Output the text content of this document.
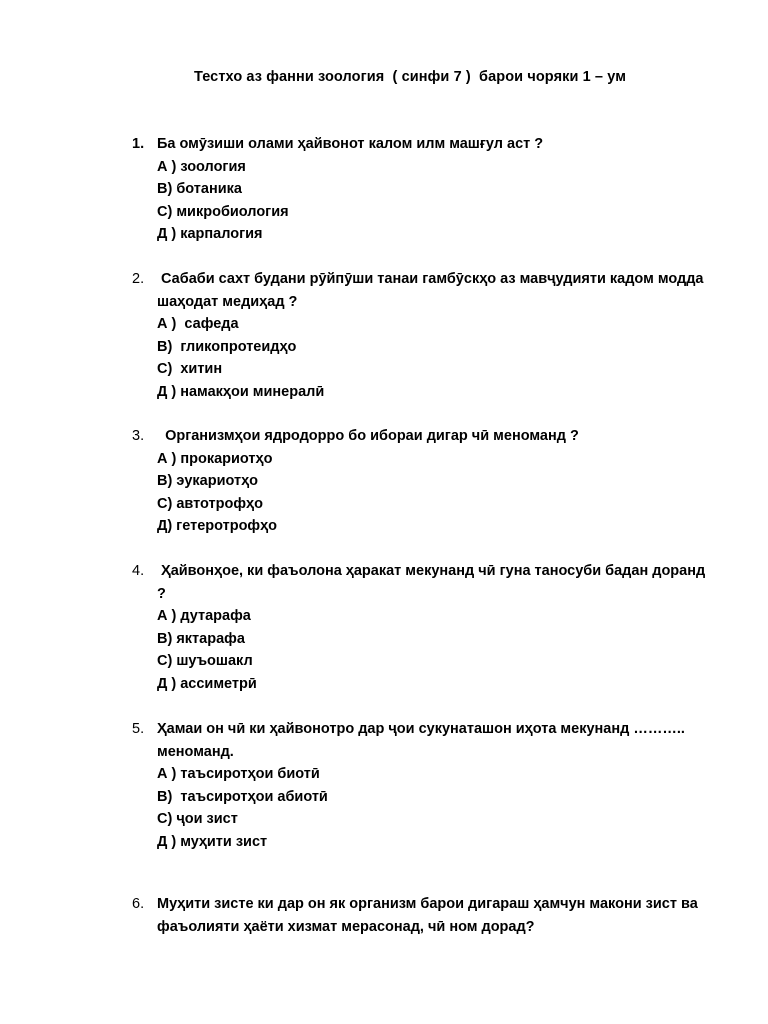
Тестхо аз фанни зоология  ( синфи 7 )  барои чоряки 1 – ум
1. Ба омӯзиши олами ҳайвонот калом илм машғул аст ?
А ) зоология
В) ботаника
С) микробиология
Д ) карпалогия
2. Сабаби сахт будани рӯйпӯши танаи гамбӯскҳо аз мавҷудияти кадом модда шаҳодат медиҳад ?
А )  сафеда
В)  гликопротеидҳо
С)  хитин
Д ) намакҳои минералӣ
3. Организмҳои ядродорро бо ибораи дигар чӣ меноманд ?
А ) прокариотҳо
В) эукариотҳо
С) автотрофҳо
Д) гетеротрофҳо
4. Ҳайвонҳое, ки фаъолона ҳаракат мекунанд чӣ гуна таносуби бадан доранд ?
А ) дутарафа
В) яктарафа
С) шуъошакл
Д ) ассиметрӣ
5. Ҳамаи он чӣ ки ҳайвонотро дар ҷои сукунаташон иҳота мекунанд ……….. меноманд.
А ) таъсиротҳои биотӣ
В)  таъсиротҳои абиотӣ
С) ҷои зист
Д ) муҳити зист
6. Муҳити зисте ки дар он як организм барои дигараш ҳамчун макони зист ва фаъолияти ҳаёти хизмат мерасонад, чӣ ном дорад?
